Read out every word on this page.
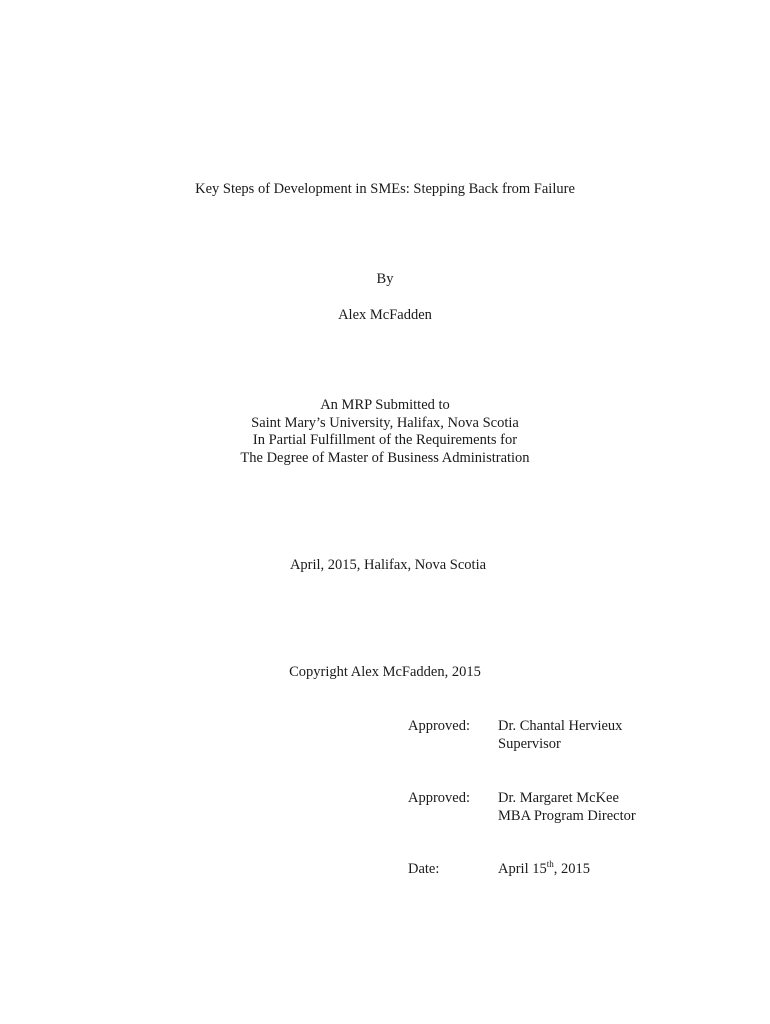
Key Steps of Development in SMEs: Stepping Back from Failure
By
Alex McFadden
An MRP Submitted to
Saint Mary’s University, Halifax, Nova Scotia
In Partial Fulfillment of the Requirements for
The Degree of Master of Business Administration
April, 2015, Halifax, Nova Scotia
Copyright Alex McFadden, 2015
Approved: Dr. Chantal Hervieux
Supervisor
Approved: Dr. Margaret McKee
MBA Program Director
Date:	April 15th, 2015
